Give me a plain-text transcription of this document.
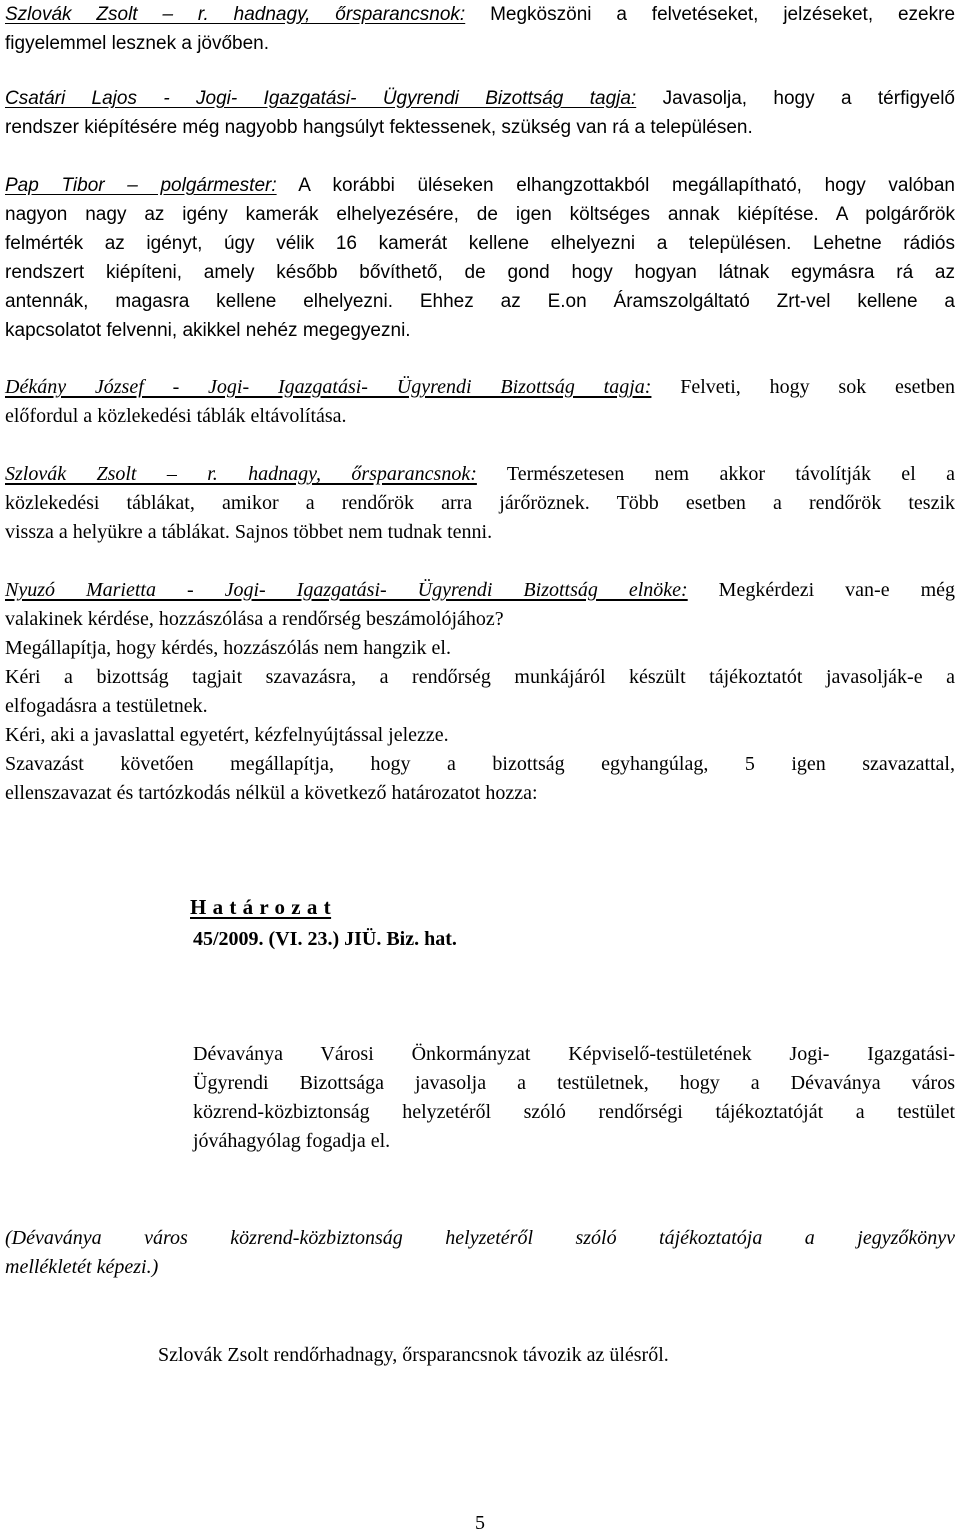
Szlovák Zsolt – r. hadnagy, őrsparancsnok: Megköszöni a felvetéseket, jelzéseket, ezekre
figyelemmel lesznek a jövőben.
Csatári Lajos - Jogi- Igazgatási- Ügyrendi Bizottság tagja: Javasolja, hogy a térfigyelő
rendszer kiépítésére még nagyobb hangsúlyt fektessenek, szükség van rá a településen.
Pap Tibor – polgármester: A korábbi üléseken elhangzottakból megállapítható, hogy valóban
nagyon nagy az igény kamerák elhelyezésére, de igen költséges annak kiépítése. A polgárőrök
felmérték az igényt, úgy vélik 16 kamerát kellene elhelyezni a településen. Lehetne rádiós
rendszert kiépíteni, amely később bővíthető, de gond hogy hogyan látnak egymásra rá az
antennák, magasra kellene elhelyezni. Ehhez az E.on Áramszolgáltató Zrt-vel kellene a
kapcsolatot felvenni, akikkel nehéz megegyezni.
Dékány József - Jogi- Igazgatási- Ügyrendi Bizottság tagja: Felveti, hogy sok esetben
előfordul a közlekedési táblák eltávolítása.
Szlovák Zsolt – r. hadnagy, őrsparancsnok: Természetesen nem akkor távolítják el a
közlekedési táblákat, amikor a rendőrök arra járőröznek. Több esetben a rendőrök teszik
vissza a helyükre a táblákat. Sajnos többet nem tudnak tenni.
Nyuzó Marietta - Jogi- Igazgatási- Ügyrendi Bizottság elnöke: Megkérdezi van-e még
valakinek kérdése, hozzászólása a rendőrség beszámolójához?
Megállapítja, hogy kérdés, hozzászólás nem hangzik el.
Kéri a bizottság tagjait szavazásra, a rendőrség munkájáról készült tájékoztatót javasolják-e a
elfogadásra a testületnek.
Kéri, aki a javaslattal egyetért, kézfelnyújtással jelezze.
Szavazást követően megállapítja, hogy a bizottság egyhangúlag, 5 igen szavazattal,
ellenszavazat és tartózkodás nélkül a következő határozatot hozza:

H a t á r o z a t

45/2009. (VI. 23.) JIÜ. Biz. hat.

Dévaványa Városi Önkormányzat Képviselő-testületének Jogi- Igazgatási-
Ügyrendi Bizottsága javasolja a testületnek, hogy a Dévaványa város
közrend-közbiztonság helyzetéről szóló rendőrségi tájékoztatóját a testület
jóváhagyólag fogadja el.
(Dévaványa város közrend-közbiztonság helyzetéről szóló tájékoztatója a jegyzőkönyv
mellékletét képezi.)

Szlovák Zsolt rendőrhadnagy, őrsparancsnok távozik az ülésről.

5
